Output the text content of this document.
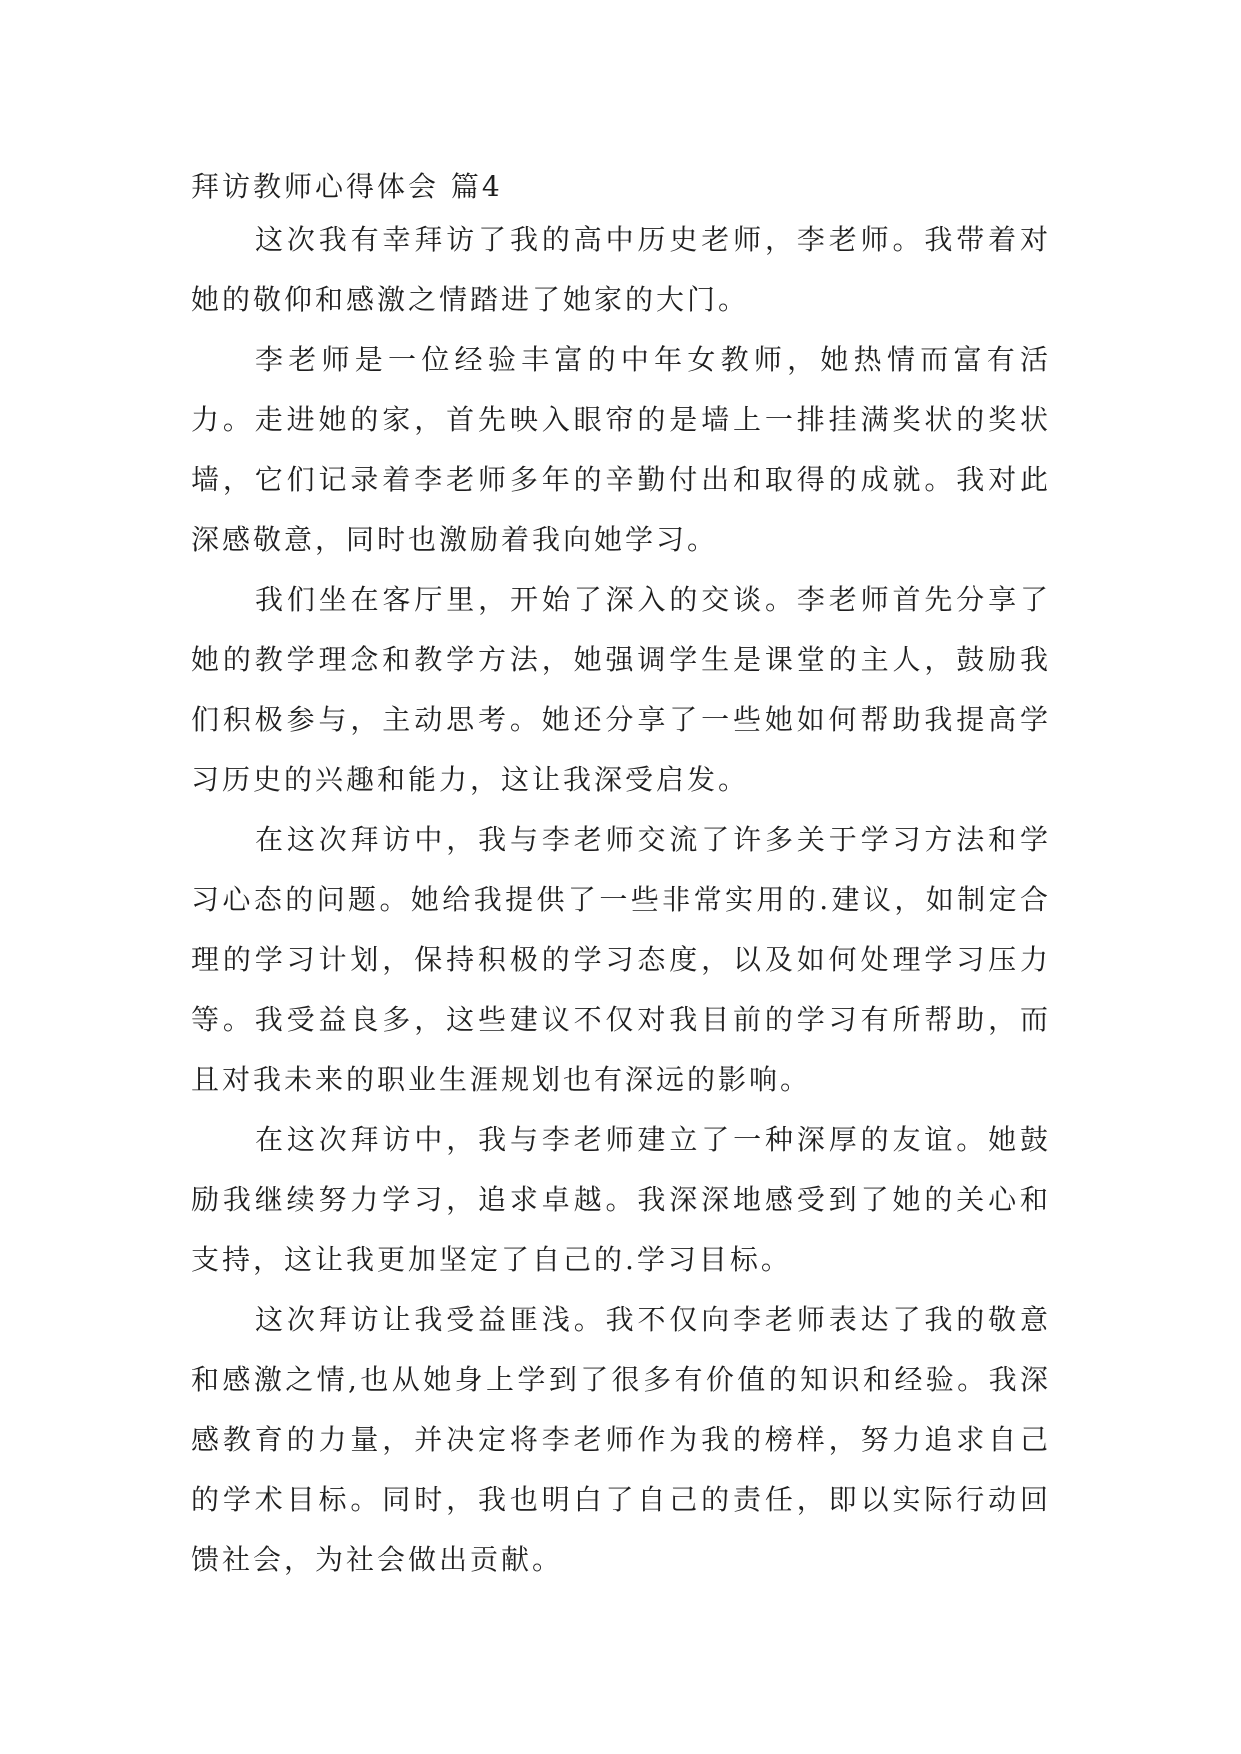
拜访教师心得体会 篇4

这次我有幸拜访了我的高中历史老师，李老师。我带着对她的敬仰和感激之情踏进了她家的大门。

李老师是一位经验丰富的中年女教师，她热情而富有活力。走进她的家，首先映入眼帘的是墙上一排挂满奖状的奖状墙，它们记录着李老师多年的辛勤付出和取得的成就。我对此深感敬意，同时也激励着我向她学习。

我们坐在客厅里，开始了深入的交谈。李老师首先分享了她的教学理念和教学方法，她强调学生是课堂的主人，鼓励我们积极参与，主动思考。她还分享了一些她如何帮助我提高学习历史的兴趣和能力，这让我深受启发。

在这次拜访中，我与李老师交流了许多关于学习方法和学习心态的问题。她给我提供了一些非常实用的.建议，如制定合理的学习计划，保持积极的学习态度，以及如何处理学习压力等。我受益良多，这些建议不仅对我目前的学习有所帮助，而且对我未来的职业生涯规划也有深远的影响。

在这次拜访中，我与李老师建立了一种深厚的友谊。她鼓励我继续努力学习，追求卓越。我深深地感受到了她的关心和支持，这让我更加坚定了自己的.学习目标。

这次拜访让我受益匪浅。我不仅向李老师表达了我的敬意和感激之情,也从她身上学到了很多有价值的知识和经验。我深感教育的力量，并决定将李老师作为我的榜样，努力追求自己的学术目标。同时，我也明白了自己的责任，即以实际行动回馈社会，为社会做出贡献。
